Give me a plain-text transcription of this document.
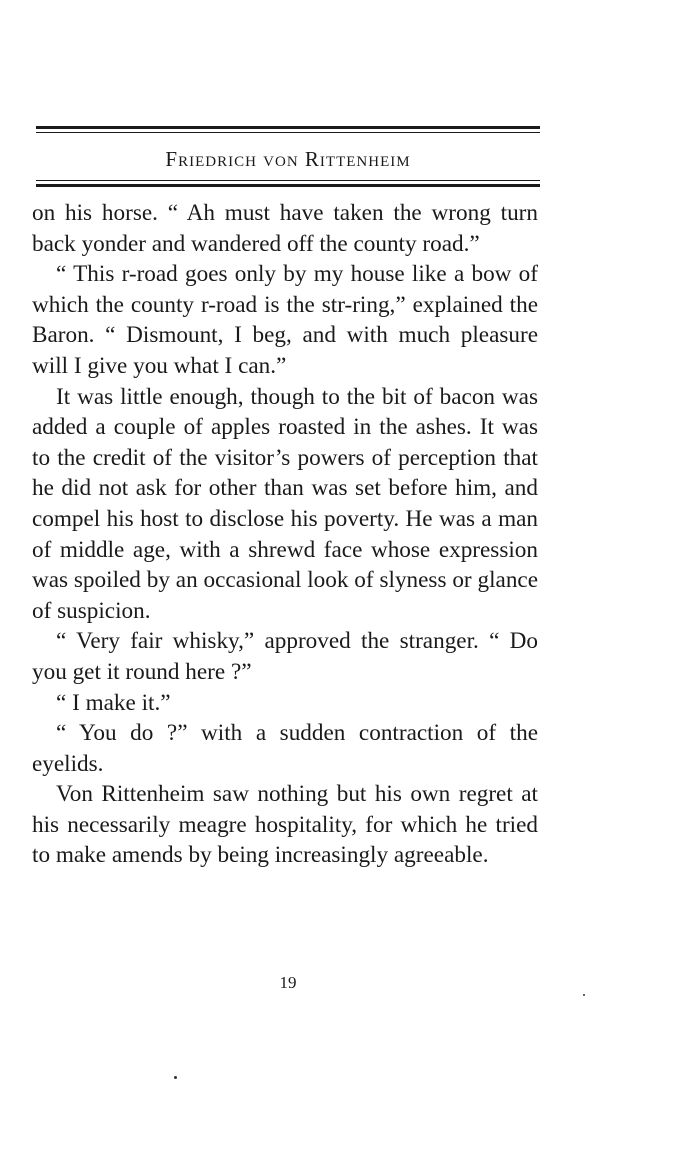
Friedrich von Rittenheim

on his horse. “ Ah must have taken the wrong turn back yonder and wandered off the county road.”

“ This r-road goes only by my house like a bow of which the county r-road is the str-ring,” explained the Baron. “ Dismount, I beg, and with much pleasure will I give you what I can.”

It was little enough, though to the bit of bacon was added a couple of apples roasted in the ashes. It was to the credit of the visitor’s powers of perception that he did not ask for other than was set before him, and compel his host to disclose his poverty. He was a man of middle age, with a shrewd face whose expression was spoiled by an occasional look of slyness or glance of suspicion.

“ Very fair whisky,” approved the stranger. “ Do you get it round here ?”

“ I make it.”

“ You do ?” with a sudden contraction of the eyelids.

Von Rittenheim saw nothing but his own regret at his necessarily meagre hospitality, for which he tried to make amends by being increasingly agreeable.

19
